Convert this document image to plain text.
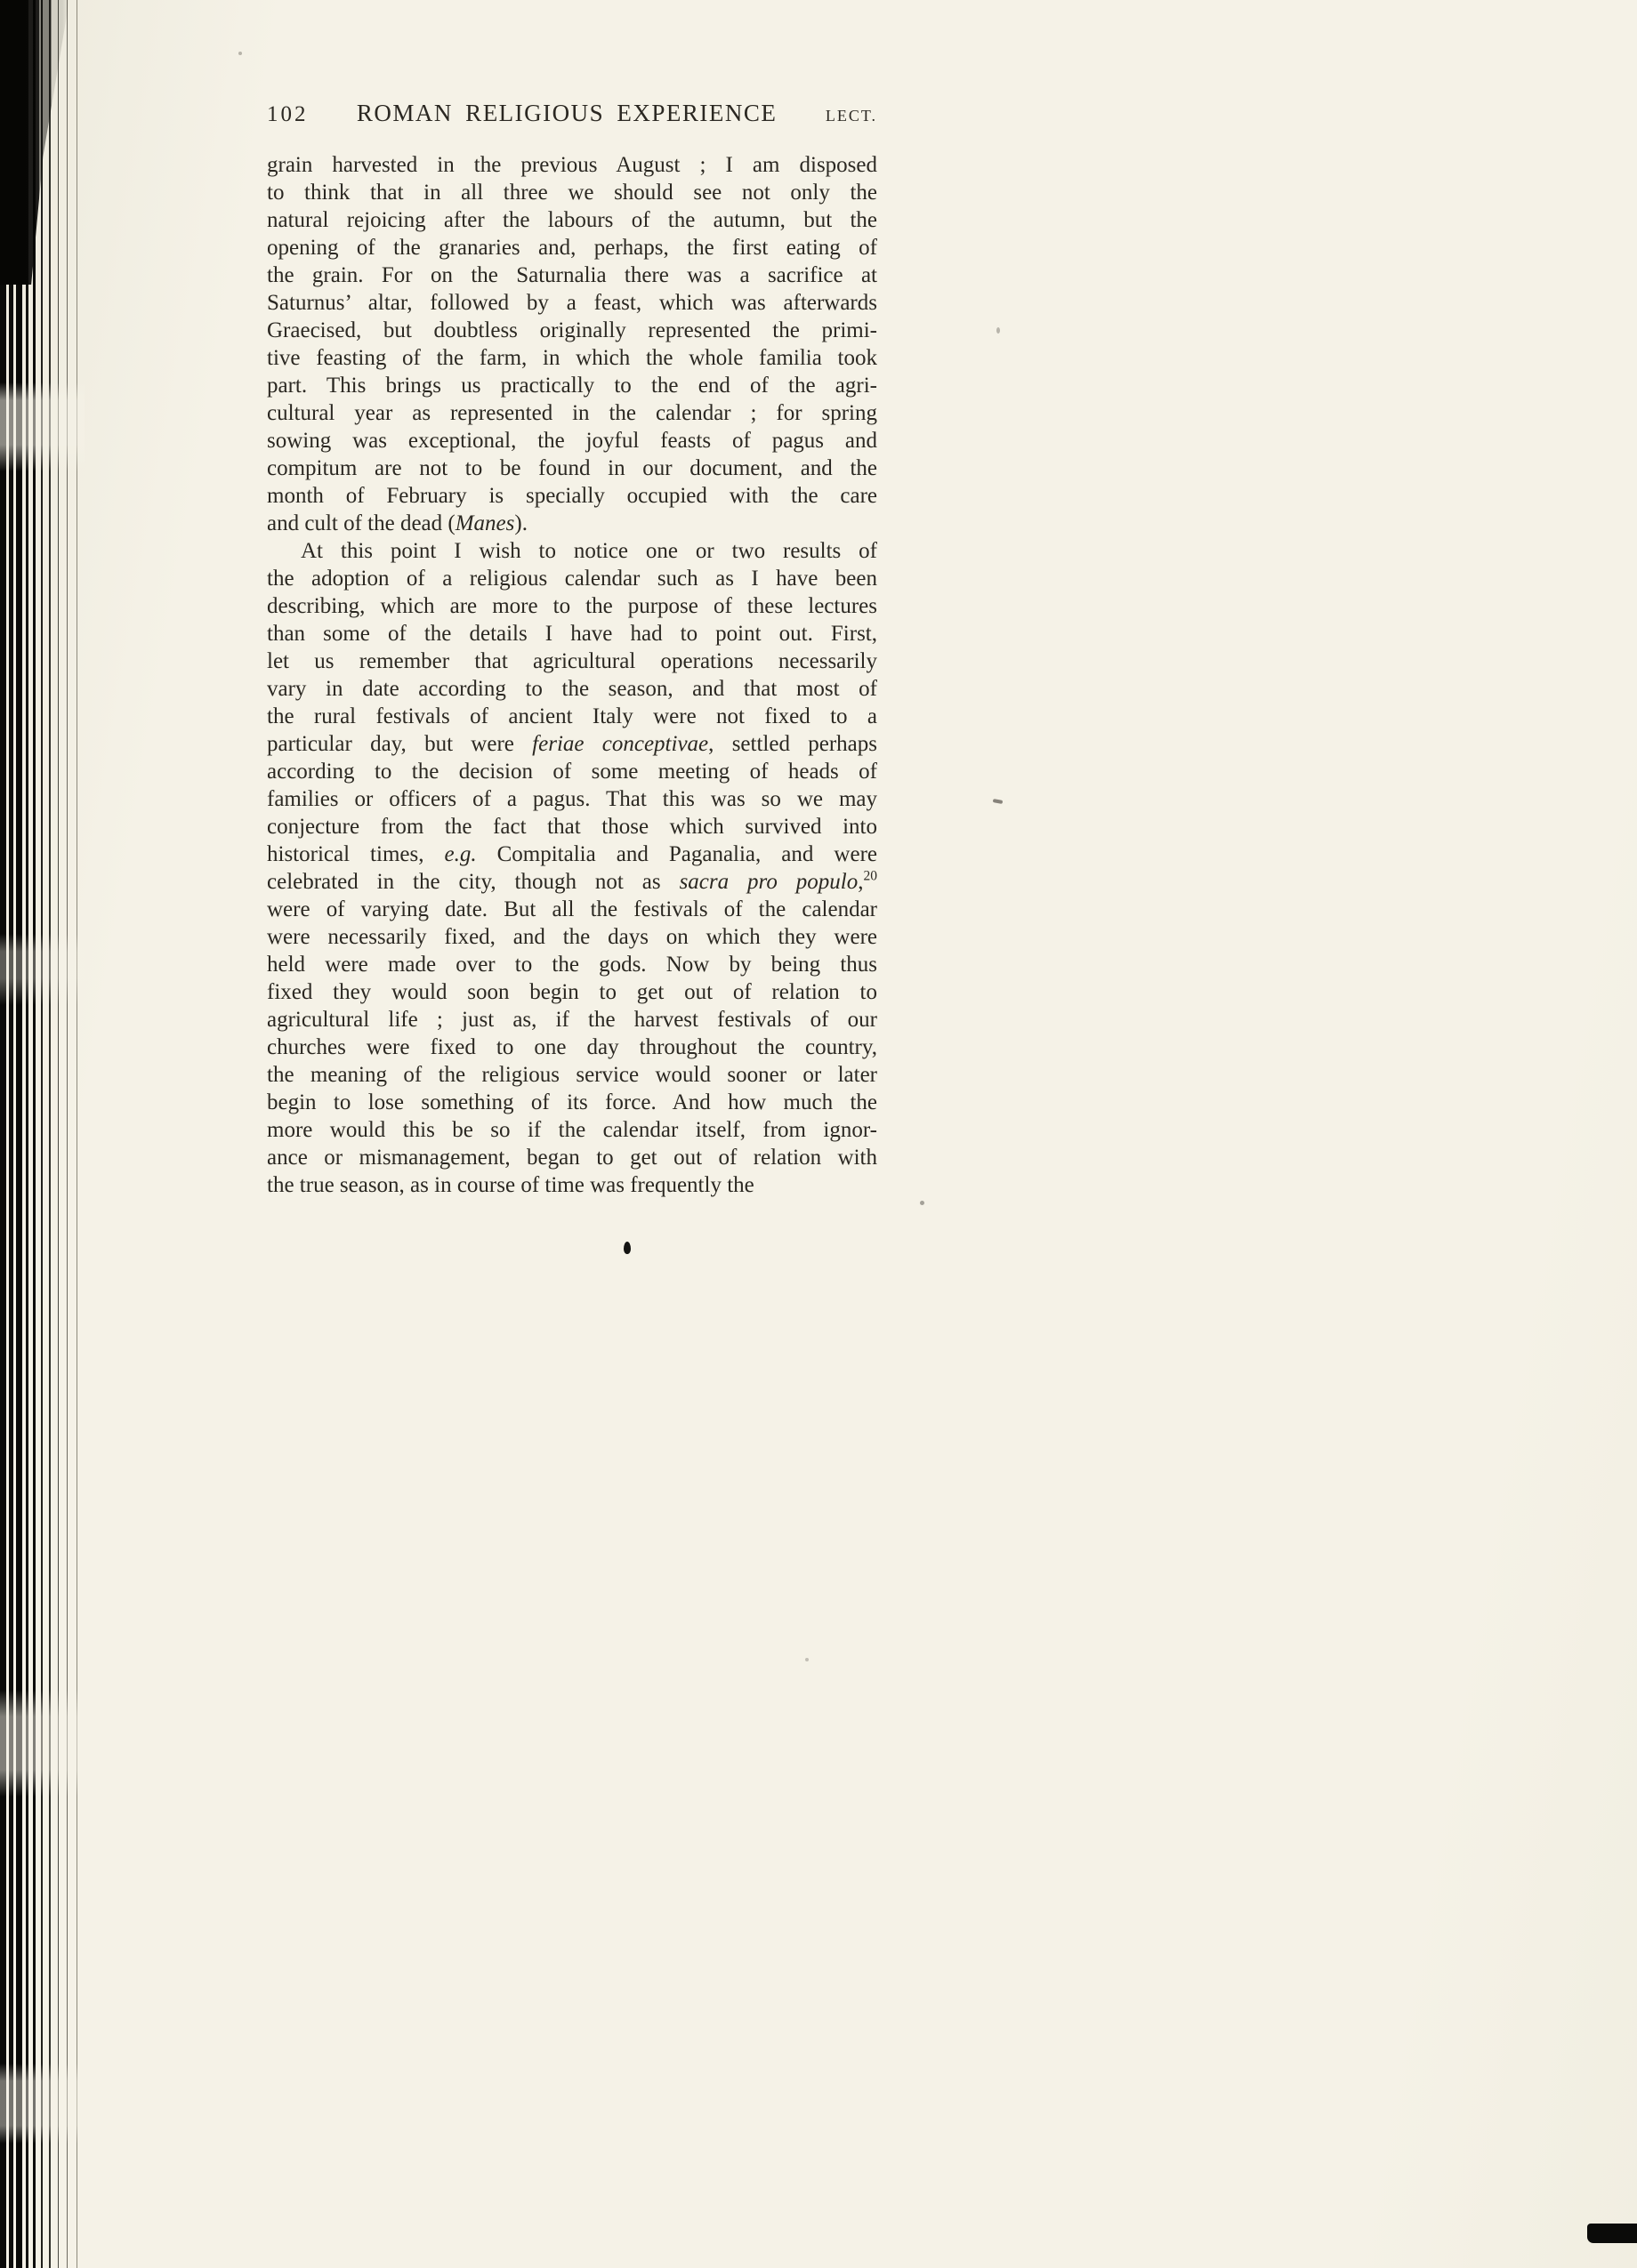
102 ROMAN RELIGIOUS EXPERIENCE	LECT.

grain harvested in the previous August ; I am disposed
to think that in all three we should see not only the
natural rejoicing after the labours of the autumn, but the
opening of the granaries and, perhaps, the first eating of
the grain. For on the Saturnalia there was a sacrifice at
Saturnus’ altar, followed by a feast, which was afterwards
Graecised, but doubtless originally represented the primi-
tive feasting of the farm, in which the whole familia took
part. This brings us practically to the end of the agri-
cultural year as represented in the calendar ; for spring
sowing was exceptional, the joyful feasts of pagus and
compitum are not to be found in our document, and the
month of February is specially occupied with the care
and cult of the dead (Manes).

At this point I wish to notice one or two results of
the adoption of a religious calendar such as I have been
describing, which are more to the purpose of these lectures
than some of the details I have had to point out. First,
let us remember that agricultural operations necessarily
vary in date according to the season, and that most of
the rural festivals of ancient Italy were not fixed to a
particular day, but were feriae conceptivae, settled perhaps
according to the decision of some meeting of heads of
families or officers of a pagus. That this was so we may
conjecture from the fact that those which survived into
historical times, e.g. Compitalia and Paganalia, and were
celebrated in the city, though not as sacra pro populo,$^{20}$
were of varying date. But all the festivals of the calendar
were necessarily fixed, and the days on which they were
held were made over to the gods. Now by being thus
fixed they would soon begin to get out of relation to
agricultural life ; just as, if the harvest festivals of our
churches were fixed to one day throughout the country,
the meaning of the religious service would sooner or later
begin to lose something of its force. And how much the
more would this be so if the calendar itself, from ignor-
ance or mismanagement, began to get out of relation with
the true season, as in course of time was frequently the
